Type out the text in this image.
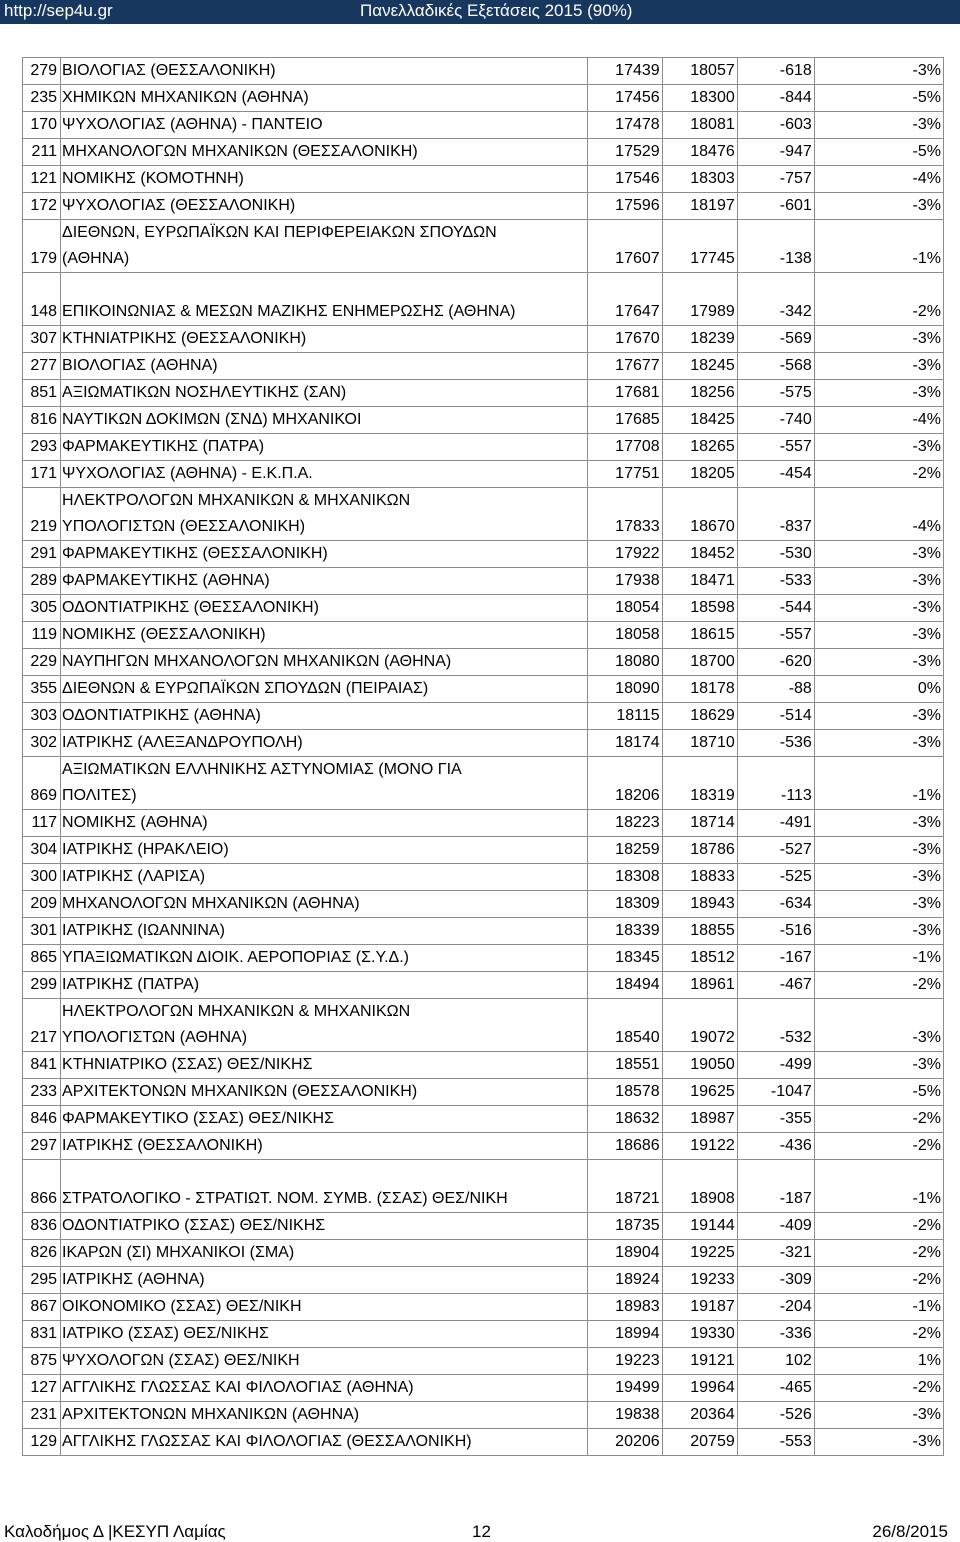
http://sep4u.gr	Πανελλαδικές Εξετάσεις 2015 (90%)
279	ΒΙΟΛΟΓΙΑΣ (ΘΕΣΣΑΛΟΝΙΚΗ)	17439	18057	-618	-3%
235	ΧΗΜΙΚΩΝ ΜΗΧΑΝΙΚΩΝ (ΑΘΗΝΑ)	17456	18300	-844	-5%
170	ΨΥΧΟΛΟΓΙΑΣ (ΑΘΗΝΑ) - ΠΑΝΤΕΙΟ	17478	18081	-603	-3%
211	ΜΗΧΑΝΟΛΟΓΩΝ ΜΗΧΑΝΙΚΩΝ (ΘΕΣΣΑΛΟΝΙΚΗ)	17529	18476	-947	-5%
121	ΝΟΜΙΚΗΣ (ΚΟΜΟΤΗΝΗ)	17546	18303	-757	-4%
172	ΨΥΧΟΛΟΓΙΑΣ (ΘΕΣΣΑΛΟΝΙΚΗ)	17596	18197	-601	-3%
179	ΔΙΕΘΝΩΝ, ΕΥΡΩΠΑΪΚΩΝ ΚΑΙ ΠΕΡΙΦΕΡΕΙΑΚΩΝ ΣΠΟΥΔΩΝ
(ΑΘΗΝΑ)	17607	17745	-138	-1%
148	ΕΠΙΚΟΙΝΩΝΙΑΣ & ΜΕΣΩΝ ΜΑΖΙΚΗΣ ΕΝΗΜΕΡΩΣΗΣ (ΑΘΗΝΑ)	17647	17989	-342	-2%
307	ΚΤΗΝΙΑΤΡΙΚΗΣ (ΘΕΣΣΑΛΟΝΙΚΗ)	17670	18239	-569	-3%
277	ΒΙΟΛΟΓΙΑΣ (ΑΘΗΝΑ)	17677	18245	-568	-3%
851	ΑΞΙΩΜΑΤΙΚΩΝ ΝΟΣΗΛΕΥΤΙΚΗΣ (ΣΑΝ)	17681	18256	-575	-3%
816	ΝΑΥΤΙΚΩΝ ΔΟΚΙΜΩΝ (ΣΝΔ) ΜΗΧΑΝΙΚΟΙ	17685	18425	-740	-4%
293	ΦΑΡΜΑΚΕΥΤΙΚΗΣ (ΠΑΤΡΑ)	17708	18265	-557	-3%
171	ΨΥΧΟΛΟΓΙΑΣ (ΑΘΗΝΑ) - Ε.Κ.Π.Α.	17751	18205	-454	-2%
219	ΗΛΕΚΤΡΟΛΟΓΩΝ ΜΗΧΑΝΙΚΩΝ & ΜΗΧΑΝΙΚΩΝ
ΥΠΟΛΟΓΙΣΤΩΝ (ΘΕΣΣΑΛΟΝΙΚΗ)	17833	18670	-837	-4%
291	ΦΑΡΜΑΚΕΥΤΙΚΗΣ (ΘΕΣΣΑΛΟΝΙΚΗ)	17922	18452	-530	-3%
289	ΦΑΡΜΑΚΕΥΤΙΚΗΣ (ΑΘΗΝΑ)	17938	18471	-533	-3%
305	ΟΔΟΝΤΙΑΤΡΙΚΗΣ (ΘΕΣΣΑΛΟΝΙΚΗ)	18054	18598	-544	-3%
119	ΝΟΜΙΚΗΣ (ΘΕΣΣΑΛΟΝΙΚΗ)	18058	18615	-557	-3%
229	ΝΑΥΠΗΓΩΝ ΜΗΧΑΝΟΛΟΓΩΝ ΜΗΧΑΝΙΚΩΝ (ΑΘΗΝΑ)	18080	18700	-620	-3%
355	ΔΙΕΘΝΩΝ & ΕΥΡΩΠΑΪΚΩΝ ΣΠΟΥΔΩΝ (ΠΕΙΡΑΙΑΣ)	18090	18178	-88	0%
303	ΟΔΟΝΤΙΑΤΡΙΚΗΣ (ΑΘΗΝΑ)	18115	18629	-514	-3%
302	ΙΑΤΡΙΚΗΣ (ΑΛΕΞΑΝΔΡΟΥΠΟΛΗ)	18174	18710	-536	-3%
869	ΑΞΙΩΜΑΤΙΚΩΝ ΕΛΛΗΝΙΚΗΣ ΑΣΤΥΝΟΜΙΑΣ (ΜΟΝΟ ΓΙΑ
ΠΟΛΙΤΕΣ)	18206	18319	-113	-1%
117	ΝΟΜΙΚΗΣ (ΑΘΗΝΑ)	18223	18714	-491	-3%
304	ΙΑΤΡΙΚΗΣ (ΗΡΑΚΛΕΙΟ)	18259	18786	-527	-3%
300	ΙΑΤΡΙΚΗΣ (ΛΑΡΙΣΑ)	18308	18833	-525	-3%
209	ΜΗΧΑΝΟΛΟΓΩΝ ΜΗΧΑΝΙΚΩΝ (ΑΘΗΝΑ)	18309	18943	-634	-3%
301	ΙΑΤΡΙΚΗΣ (ΙΩΑΝΝΙΝΑ)	18339	18855	-516	-3%
865	ΥΠΑΞΙΩΜΑΤΙΚΩΝ ΔΙΟΙΚ. ΑΕΡΟΠΟΡΙΑΣ (Σ.Υ.Δ.)	18345	18512	-167	-1%
299	ΙΑΤΡΙΚΗΣ (ΠΑΤΡΑ)	18494	18961	-467	-2%
217	ΗΛΕΚΤΡΟΛΟΓΩΝ ΜΗΧΑΝΙΚΩΝ & ΜΗΧΑΝΙΚΩΝ
ΥΠΟΛΟΓΙΣΤΩΝ (ΑΘΗΝΑ)	18540	19072	-532	-3%
841	ΚΤΗΝΙΑΤΡΙΚΟ (ΣΣΑΣ) ΘΕΣ/ΝΙΚΗΣ	18551	19050	-499	-3%
233	ΑΡΧΙΤΕΚΤΟΝΩΝ ΜΗΧΑΝΙΚΩΝ (ΘΕΣΣΑΛΟΝΙΚΗ)	18578	19625	-1047	-5%
846	ΦΑΡΜΑΚΕΥΤΙΚΟ (ΣΣΑΣ) ΘΕΣ/ΝΙΚΗΣ	18632	18987	-355	-2%
297	ΙΑΤΡΙΚΗΣ (ΘΕΣΣΑΛΟΝΙΚΗ)	18686	19122	-436	-2%
866	ΣΤΡΑΤΟΛΟΓΙΚΟ - ΣΤΡΑΤΙΩΤ. ΝΟΜ. ΣΥΜΒ. (ΣΣΑΣ) ΘΕΣ/ΝΙΚΗ	18721	18908	-187	-1%
836	ΟΔΟΝΤΙΑΤΡΙΚΟ (ΣΣΑΣ) ΘΕΣ/ΝΙΚΗΣ	18735	19144	-409	-2%
826	ΙΚΑΡΩΝ (ΣΙ) ΜΗΧΑΝΙΚΟΙ (ΣΜΑ)	18904	19225	-321	-2%
295	ΙΑΤΡΙΚΗΣ (ΑΘΗΝΑ)	18924	19233	-309	-2%
867	ΟΙΚΟΝΟΜΙΚΟ (ΣΣΑΣ) ΘΕΣ/ΝΙΚΗ	18983	19187	-204	-1%
831	ΙΑΤΡΙΚΟ (ΣΣΑΣ) ΘΕΣ/ΝΙΚΗΣ	18994	19330	-336	-2%
875	ΨΥΧΟΛΟΓΩΝ (ΣΣΑΣ) ΘΕΣ/ΝΙΚΗ	19223	19121	102	1%
127	ΑΓΓΛΙΚΗΣ ΓΛΩΣΣΑΣ ΚΑΙ ΦΙΛΟΛΟΓΙΑΣ (ΑΘΗΝΑ)	19499	19964	-465	-2%
231	ΑΡΧΙΤΕΚΤΟΝΩΝ ΜΗΧΑΝΙΚΩΝ (ΑΘΗΝΑ)	19838	20364	-526	-3%
129	ΑΓΓΛΙΚΗΣ ΓΛΩΣΣΑΣ ΚΑΙ ΦΙΛΟΛΟΓΙΑΣ (ΘΕΣΣΑΛΟΝΙΚΗ)	20206	20759	-553	-3%
Καλοδήμος Δ |ΚΕΣΥΠ Λαμίας	12	26/8/2015
